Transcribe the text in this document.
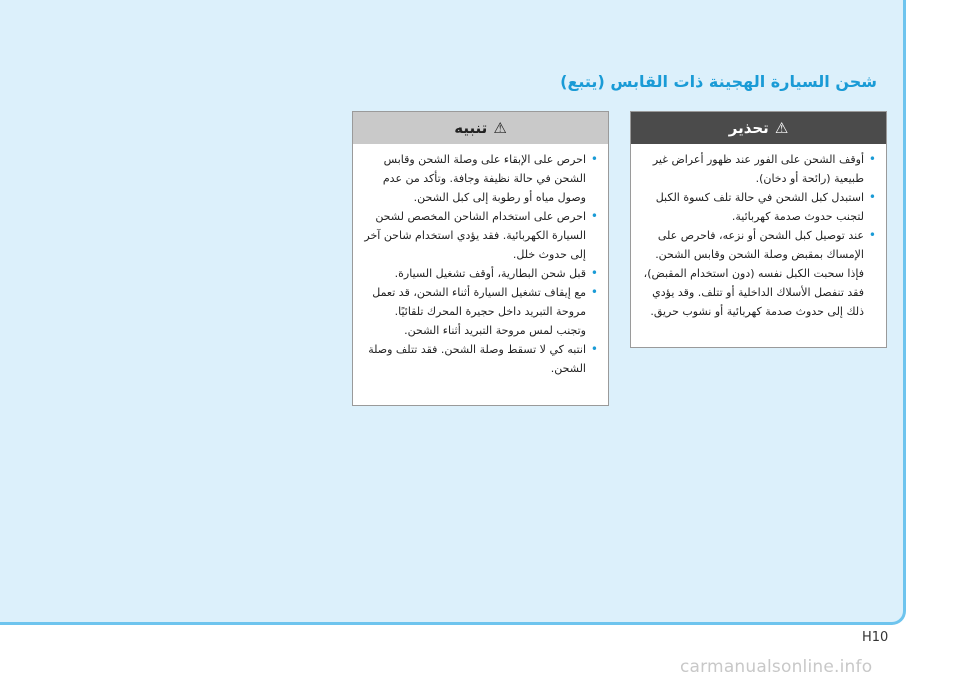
شحن السيارة الهجينة ذات القابس (يتبع)
⚠
تحذير
• أوقف الشحن على الفور عند ظهور أعراض غير طبيعية (رائحة أو دخان).
• استبدل كبل الشحن في حالة تلف كسوة الكبل لتجنب حدوث صدمة كهربائية.
• عند توصيل كبل الشحن أو نزعه، فاحرص على الإمساك بمقبض وصلة الشحن وقابس الشحن. فإذا سحبت الكبل نفسه (دون استخدام المقبض)، فقد تنفصل الأسلاك الداخلية أو تتلف. وقد يؤدي ذلك إلى حدوث صدمة كهربائية أو نشوب حريق.
⚠
تنبيه
• احرص على الإبقاء على وصلة الشحن وقابس الشحن في حالة نظيفة وجافة. وتأكد من عدم وصول مياه أو رطوبة إلى كبل الشحن.
• احرص على استخدام الشاحن المخصص لشحن السيارة الكهربائية. فقد يؤدي استخدام شاحن آخر إلى حدوث خلل.
• قبل شحن البطارية، أوقف تشغيل السيارة.
• مع إيقاف تشغيل السيارة أثناء الشحن، قد تعمل مروحة التبريد داخل حجيرة المحرك تلقائيًا. وتجنب لمس مروحة التبريد أثناء الشحن.
• انتبه كي لا تسقط وصلة الشحن. فقد تتلف وصلة الشحن.
H10
carmanualsonline.info
